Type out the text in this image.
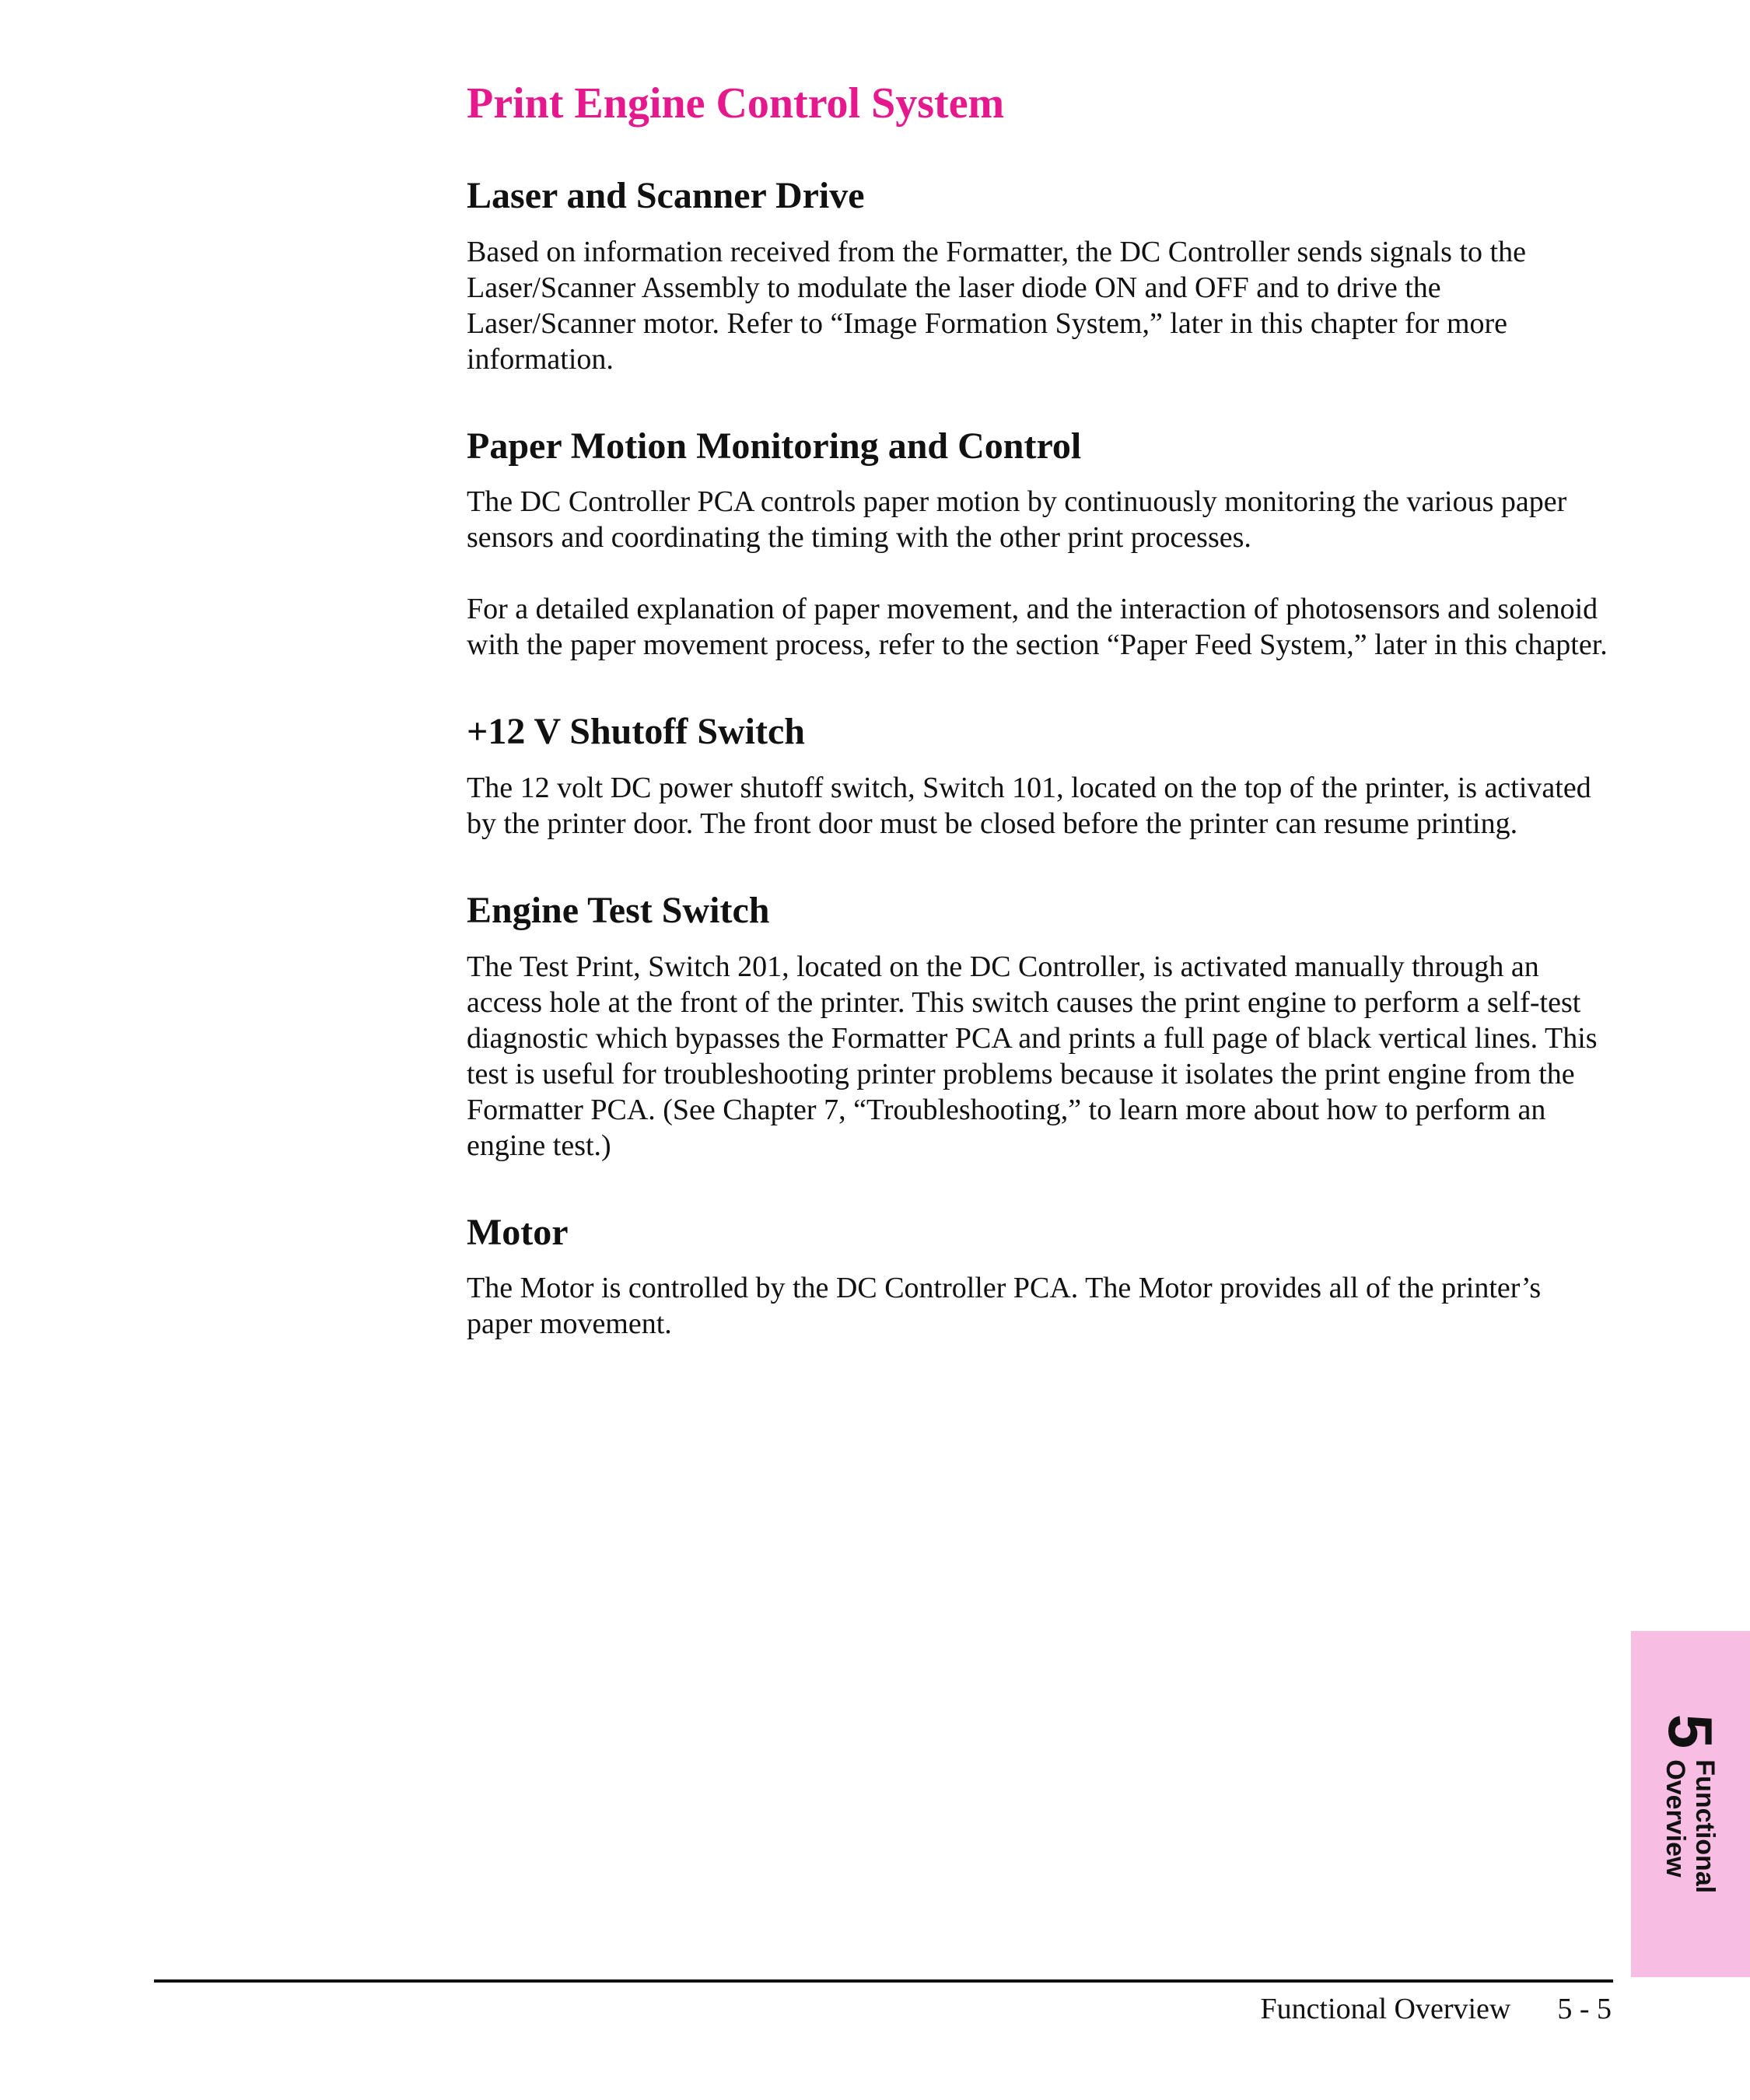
Print Engine Control System
Laser and Scanner Drive

Based on information received from the Formatter, the DC Controller sends signals to the Laser/Scanner Assembly to modulate the laser diode ON and OFF and to drive the Laser/Scanner motor. Refer to “Image Formation System,” later in this chapter for more information.

Paper Motion Monitoring and Control

The DC Controller PCA controls paper motion by continuously monitoring the various paper sensors and coordinating the timing with the other print processes.

For a detailed explanation of paper movement, and the interaction of photosensors and solenoid with the paper movement process, refer to the section “Paper Feed System,” later in this chapter.

+12 V Shutoff Switch

The 12 volt DC power shutoff switch, Switch 101, located on the top of the printer, is activated by the printer door. The front door must be closed before the printer can resume printing.

Engine Test Switch

The Test Print, Switch 201, located on the DC Controller, is activated manually through an access hole at the front of the printer. This switch causes the print engine to perform a self-test diagnostic which bypasses the Formatter PCA and prints a full page of black vertical lines. This test is useful for troubleshooting printer problems because it isolates the print engine from the Formatter PCA. (See Chapter 7, “Troubleshooting,” to learn more about how to perform an engine test.)

Motor

The Motor is controlled by the DC Controller PCA. The Motor provides all of the printer’s paper movement.

5
Functional
Overview
Functional Overview 5 - 5
